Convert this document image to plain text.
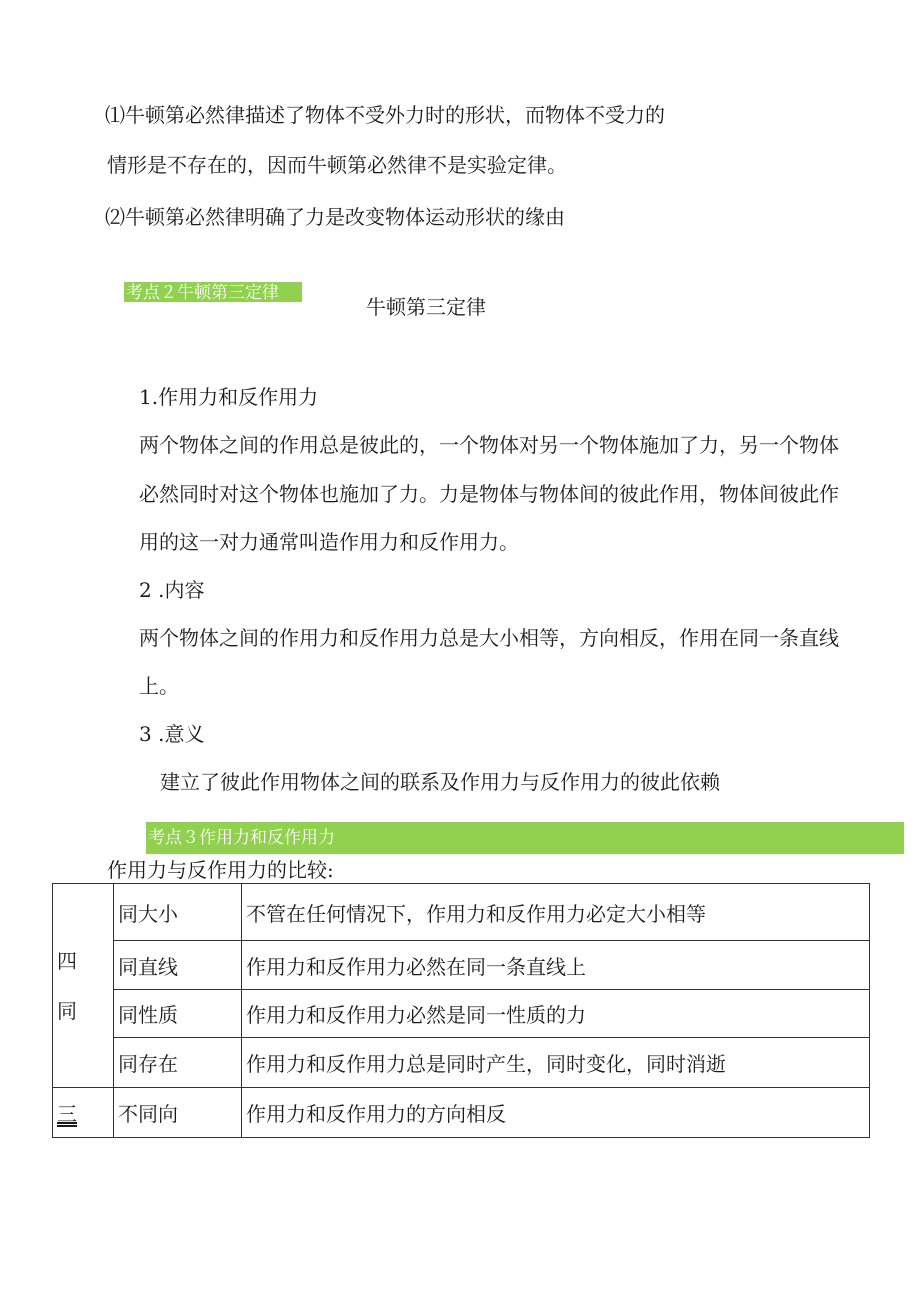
⑴牛顿第必然律描述了物体不受外力时的形状，而物体不受力的
情形是不存在的，因而牛顿第必然律不是实验定律。
⑵牛顿第必然律明确了力是改变物体运动形状的缘由
考点２牛顿第三定律
牛顿第三定律
1.作用力和反作用力
两个物体之间的作用总是彼此的，一个物体对另一个物体施加了力，另一个物体
必然同时对这个物体也施加了力。力是物体与物体间的彼此作用，物体间彼此作
用的这一对力通常叫造作用力和反作用力。
2 .内容
两个物体之间的作用力和反作用力总是大小相等，方向相反，作用在同一条直线
上。
3 .意义
建立了彼此作用物体之间的联系及作用力与反作用力的彼此依赖
考点３作用力和反作用力
作用力与反作用力的比较:
四
同	同大小	不管在任何情况下，作用力和反作用力必定大小相等
	同直线	作用力和反作用力必然在同一条直线上
	同性质	作用力和反作用力必然是同一性质的力
	同存在	作用力和反作用力总是同时产生，同时变化，同时消逝
三	不同向	作用力和反作用力的方向相反
